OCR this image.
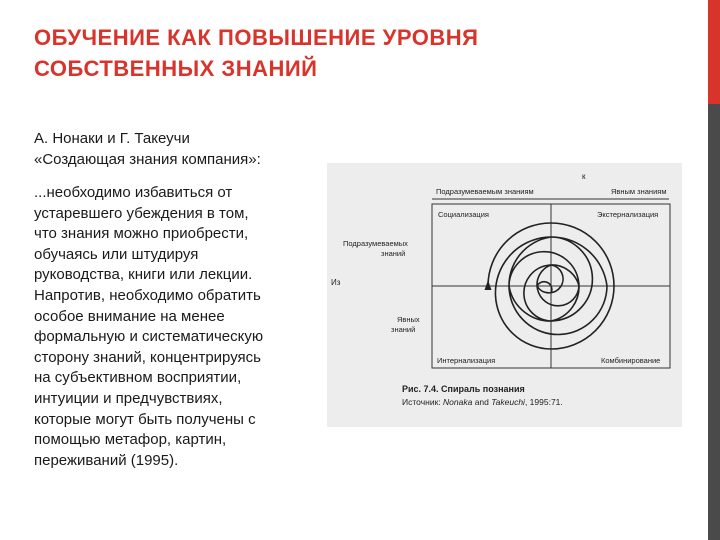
ОБУЧЕНИЕ КАК ПОВЫШЕНИЕ УРОВНЯ
СОБСТВЕННЫХ ЗНАНИЙ
А. Нонаки и Г. Такеучи
«Создающая знания компания»:
...необходимо избавиться от
устаревшего убеждения в том,
что знания можно приобрести,
обучаясь или штудируя
руководства, книги или лекции.
Напротив, необходимо обратить
особое внимание на менее
формальную и систематическую
сторону знаний, концентрируясь
на субъективном восприятии,
интуиции и предчувствиях,
которые могут быть получены с
помощью метафор, картин,
переживаний (1995).
к
Подразумеваемым знаниям	Явным знаниям
Подразумеваемых знаний
Из
Явных знаний
Социализация	Экстернализация
Интернализация	Комбинирование
Рис. 7.4. Спираль познания
Источник: Nonaka and Takeuchi, 1995:71.
